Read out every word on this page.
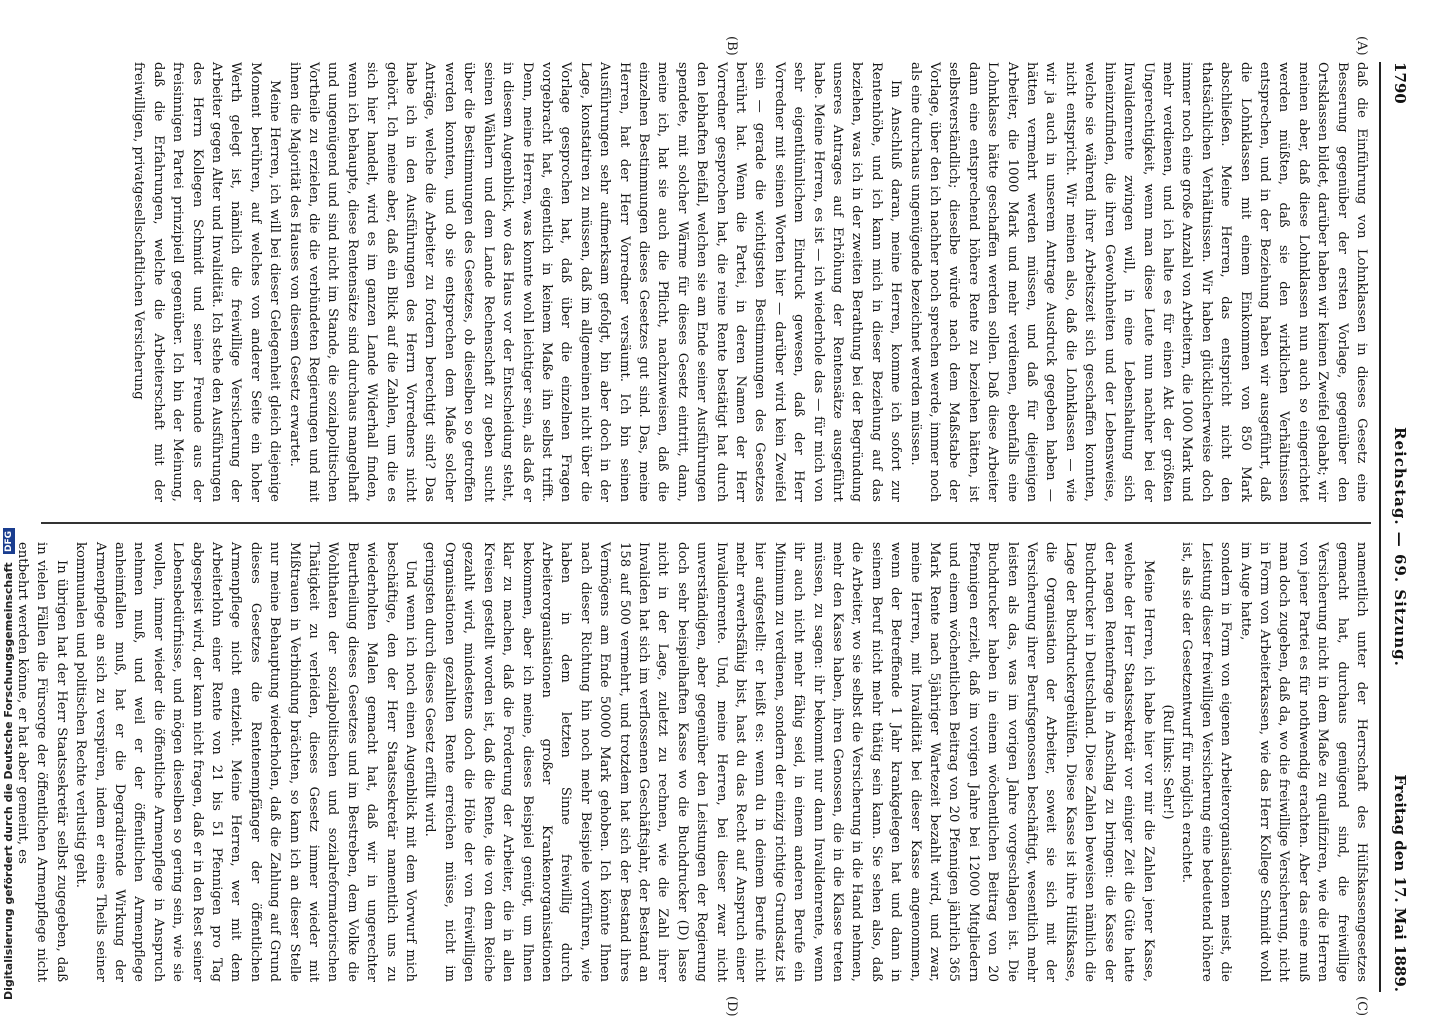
Digitalisierung gefördert durch die Deutsche Forschungsgemeinschaft DFG
1790
Reichstag. — 69. Sitzung.
Freitag den 17. Mai 1889.
(A)
(B)
(C)
(D)

daß die Einführung von Lohnklassen in dieses Gesetz eine Besserung gegenüber der ersten Vorlage, gegenüber den Ortsklassen bildet, darüber haben wir keinen Zweifel gehabt; wir meinen aber, daß diese Lohnklassen nun auch so eingerichtet werden müßten, daß sie den wirklichen Verhältnissen entsprechen, und in der Beziehung haben wir ausgeführt, daß die Lohnklassen mit einem Einkommen von 850 Mark abschließen. Meine Herren, das entspricht nicht den thatsächlichen Verhältnissen. Wir haben glücklicherweise doch immer noch eine große Anzahl von Arbeitern, die 1000 Mark und mehr verdienen, und ich halte es für einen Akt der größten Ungerechtigkeit, wenn man diese Leute nun nachher bei der Invalidenrente zwingen will, in eine Lebenshaltung sich hineinzufinden, die ihren Gewohnheiten und der Lebensweise, welche sie während ihrer Arbeitszeit sich geschaffen konnten, nicht entspricht. Wir meinen also, daß die Lohnklassen — wie wir ja auch in unserem Antrage Ausdruck gegeben haben — hätten vermehrt werden müssen, und daß für diejenigen Arbeiter, die 1000 Mark und mehr verdienen, ebenfalls eine Lohnklasse hätte geschaffen werden sollen. Daß diese Arbeiter dann eine entsprechend höhere Rente zu beziehen hätten, ist selbstverständlich; dieselbe würde nach dem Maßstabe der Vorlage, über den ich nachher noch sprechen werde, immer noch als eine durchaus ungenügende bezeichnet werden müssen.

Im Anschluß daran, meine Herren, komme ich sofort zur Rentenhöhe, und ich kann mich in dieser Beziehung auf das beziehen, was ich in der zweiten Berathung bei der Begründung unseres Antrages auf Erhöhung der Rentensätze ausgeführt habe. Meine Herren, es ist — ich wiederhole das — für mich von sehr eigenthümlichem Eindruck gewesen, daß der Herr Vorredner mit seinen Worten hier — darüber wird kein Zweifel sein — gerade die wichtigsten Bestimmungen des Gesetzes berührt hat. Wenn die Partei, in deren Namen der Herr Vorredner gesprochen hat, die reine Rente bestätigt hat durch den lebhaften Beifall, welchen sie am Ende seiner Ausführungen spendete, mit solcher Wärme für dieses Gesetz eintritt, dann, meine ich, hat sie auch die Pflicht, nachzuweisen, daß die einzelnen Bestimmungen dieses Gesetzes gut sind. Das, meine Herren, hat der Herr Vorredner versäumt. Ich bin seinen Ausführungen sehr aufmerksam gefolgt, bin aber doch in der Lage, konstatiren zu müssen, daß im allgemeinen nicht über die Vorlage gesprochen hat, daß über die einzelnen Fragen vorgebracht hat, eigentlich in keinem Maße ihn selbst trifft. Denn, meine Herren, was konnte wohl leichtiger sein, als daß er in diesem Augenblick, wo das Haus vor der Entscheidung steht, seinen Wählern und dem Lande Rechenschaft zu geben sucht über die Bestimmungen des Gesetzes, ob dieselben so getroffen werden konnten, und ob sie entsprechen dem Maße solcher Anträge, welche die Arbeiter zu fordern berechtigt sind? Das habe ich in den Ausführungen des Herrn Vorredners nicht gehört. Ich meine aber, daß ein Blick auf die Zahlen, um die es sich hier handelt, wird es im ganzen Lande Widerhall finden, wenn ich behaupte, diese Rentensätze sind durchaus mangelhaft und ungenügend und sind nicht im Stande, die sozialpolitischen Vortheile zu erzielen, die die verbündeten Regierungen und mit ihnen die Majorität des Hauses von diesem Gesetz erwartet.

Meine Herren, ich will bei dieser Gelegenheit gleich diejenige Moment berühren, auf welches von anderer Seite ein hoher Werth gelegt ist, nämlich die freiwillige Versicherung der Arbeiter gegen Alter und Invalidität. Ich stehe den Ausführungen des Herrn Kollegen Schmidt und seiner Freunde aus der freisinnigen Partei prinzipiell gegenüber. Ich bin der Meinung, daß die Erfahrungen, welche die Arbeiterschaft mit der freiwilligen, privatgesellschaftlichen Versicherung

namentlich unter der Herrschaft des Hülfskassengesetzes gemacht hat, durchaus genügend sind, die freiwillige Versicherung nicht in dem Maße zu qualifiziren, wie die Herren von jener Partei es für nothwendig erachten. Aber das eine muß man doch zugeben, daß da, wo die freiwillige Versicherung, nicht in Form von Arbeiterkassen, wie das Herr Kollege Schmidt wohl im Auge hatte,

sondern in Form von eigenen Arbeiterorganisationen meist, die Leistung dieser freiwilligen Versicherung eine bedeutend höhere ist, als sie der Gesetzentwurf für möglich erachtet.

(Ruf links: Sehr!)

Meine Herren, ich habe hier vor mir die Zahlen jener Kasse, welche der Herr Staatssekretär vor einiger Zeit die Güte hatte der nagen Rentenfrage in Anschlag zu bringen: die Kasse der Buchdrucker in Deutschland. Diese Zahlen beweisen nämlich die Lage der Buchdruckergehülfen. Diese Kasse ist ihre Hülfskasse, die Organisation der Arbeiter, soweit sie sich mit der Versicherung ihrer Berufsgenossen beschäftigt, wesentlich mehr leisten als das, was im vorigen Jahre vorgeschlagen ist. Die Buchdrucker haben in einem wöchentlichen Beitrag von 20 Pfennigen erzielt, daß im vorigen Jahre bei 12000 Mitgliedern und einem wöchentlichen Beitrag von 20 Pfennigen jährlich 365 Mark Rente nach 5jähriger Wartezeit bezahlt wird, und zwar, meine Herren, mit Invalidität bei dieser Kasse angenommen, wenn der Betreffende 1 Jahr krankgelegen hat und dann in seinem Beruf nicht mehr thätig sein kann. Sie sehen also, daß die Arbeiter, wo sie selbst die Versicherung in die Hand nehmen, mehr den Kasse haben, ihren Genossen, die in die Klasse treten müssen, zu sagen: ihr bekommt nur dann Invalidenrente, wenn ihr auch nicht mehr fähig seid, in einem anderen Berufe ein Minimum zu verdienen, sondern der einzig richtige Grundsatz ist hier aufgestellt: er heißt es: wenn du in deinem Berufe nicht mehr erwerbsfähig bist, hast du das Recht auf Anspruch einer Invalidenrente. Und, meine Herren, bei dieser zwar nicht unverständigen, aber gegenüber den Leistungen der Regierung doch sehr beispielhaften Kasse wo die Buchdrucker (D) lasse nicht in der Lage, zuletzt zu rechnen, wie die Zahl ihrer Invaliden hat sich im verflossenen Geschäftsjahr, der Bestand an 158 auf 500 vermehrt, und trotzdem hat sich der Bestand ihres Vermögens am Ende 50000 Mark gehoben. Ich könnte Ihnen nach dieser Richtung hin noch mehr Beispiele vorführen, wie haben in dem letzten Sinne freiwillig durch Arbeiterorganisationen großer Krankenorganisationen bekommen, aber ich meine, dieses Beispiel genügt, um Ihnen klar zu machen, daß die Forderung der Arbeiter, die in allen Kreisen gestellt worden ist, daß die Rente, die von dem Reiche gezahlt wird, mindestens doch die Höhe der von freiwilligen Organisationen gezahlten Rente erreichen müsse, nicht im geringsten durch dieses Gesetz erfüllt wird.

Und wenn ich noch einen Augenblick mit dem Vorwurf mich beschäftige, den der Herr Staatssekretär namentlich uns zu wiederholten Malen gemacht hat, daß wir in ungerechter Beurtheilung dieses Gesetzes und im Bestreben, dem Volke die Wohlthaten der sozialpolitischen und sozialreformatorischen Thätigkeit zu verleiden, dieses Gesetz immer wieder mit Mißtrauen in Verbindung brächten, so kann ich an dieser Stelle nur meine Behauptung wiederholen, daß die Zahlung auf Grund dieses Gesetzes die Rentenempfänger der öffentlichen Armenpflege nicht entzieht. Meine Herren, wer mit dem Arbeiterlohn einer Rente von 21 bis 51 Pfennigen pro Tag abgespeist wird, der kann nicht fragen, daß er in den Rest seiner Lebensbedürfnisse, und mögen dieselben so gering sein, wie sie wollen, immer wieder die öffentliche Armenpflege in Anspruch nehmen muß, und weil er der öffentlichen Armenpflege anheimfallen muß, hat er die Degradirende Wirkung der Armenpflege an sich zu verspüren, indem er eines Theils seiner kommunalen und politischen Rechte verlustig geht.

In übrigen hat der Herr Staatssekretär selbst zugegeben, daß in vielen Fällen die Fürsorge der öffentlichen Armenpflege nicht entbehrt werden könne, er hat aber gemeint, es
